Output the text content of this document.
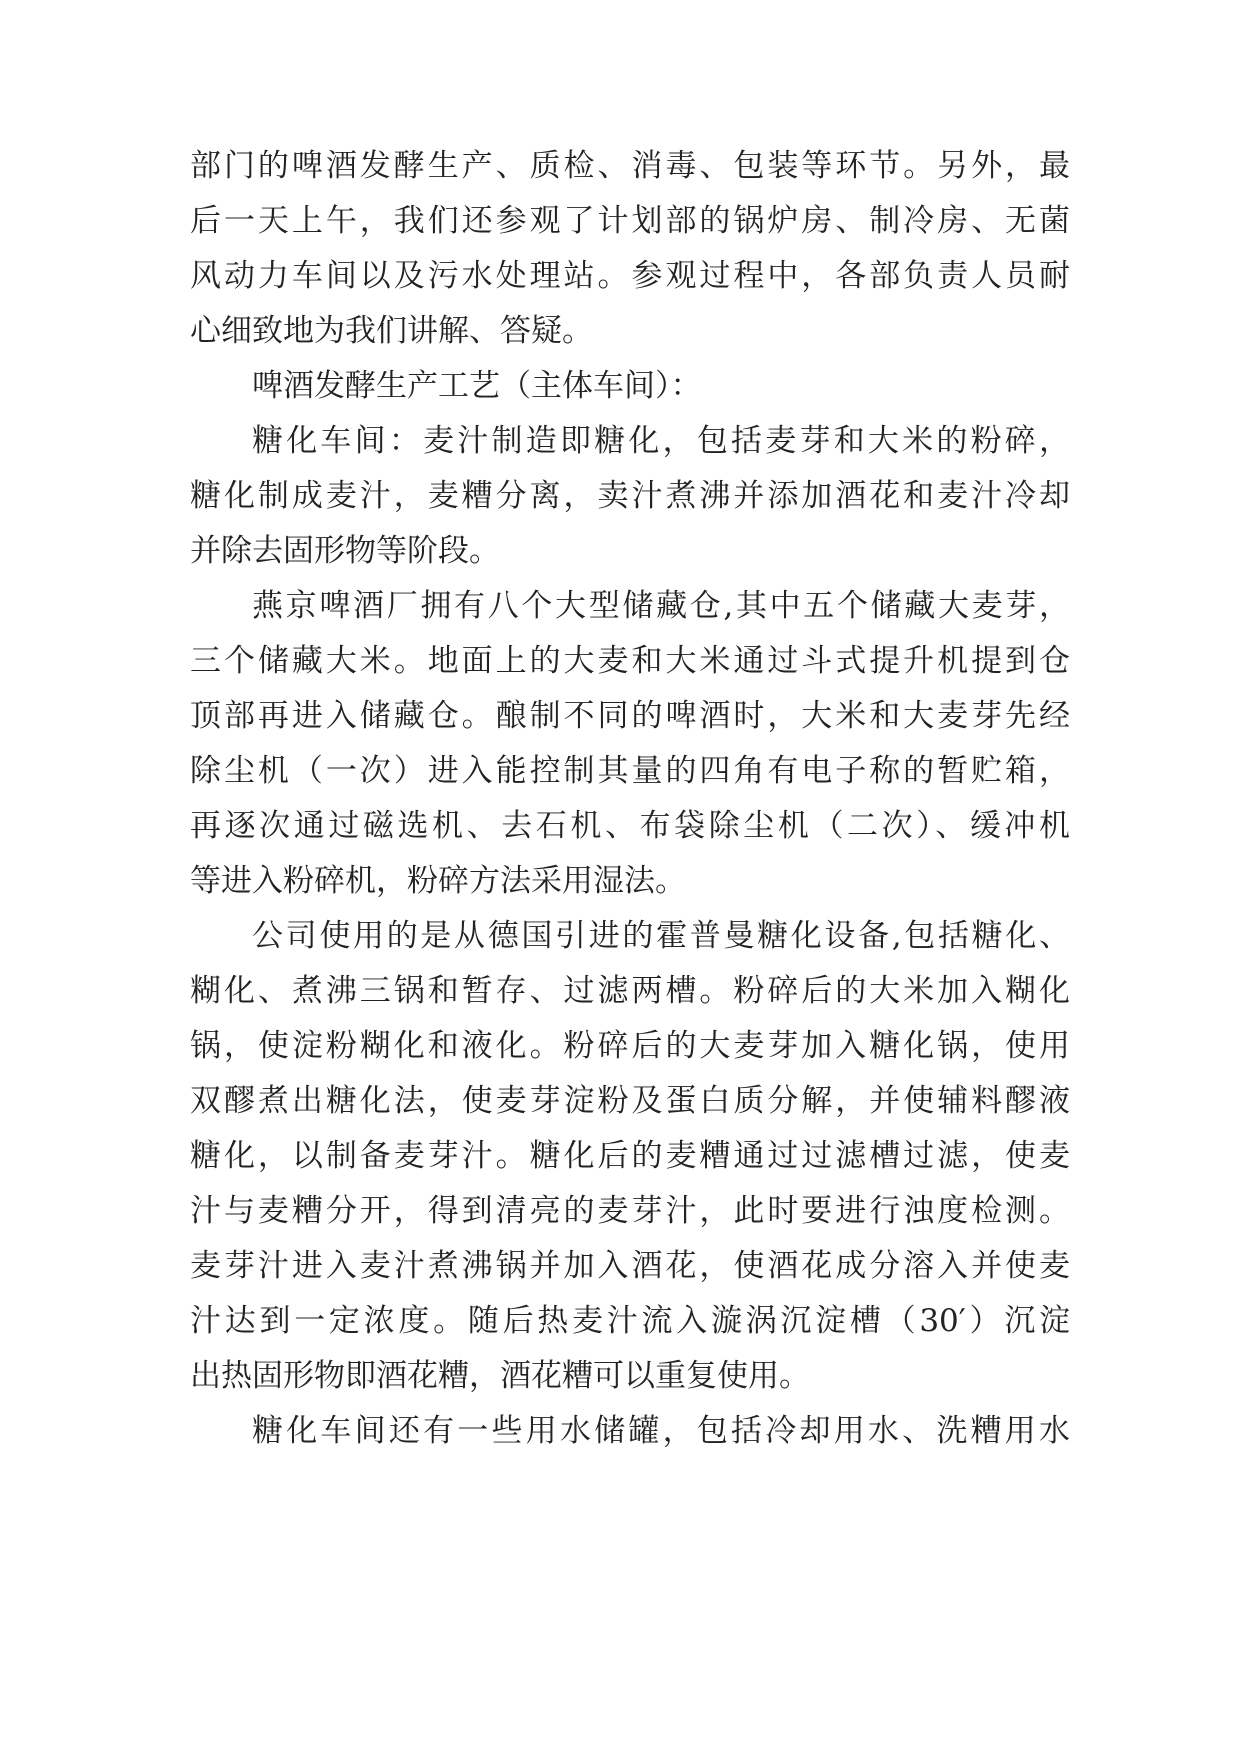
部门的啤酒发酵生产、质检、消毒、包装等环节。另外，最
后一天上午，我们还参观了计划部的锅炉房、制冷房、无菌
风动力车间以及污水处理站。参观过程中，各部负责人员耐
心细致地为我们讲解、答疑。
啤酒发酵生产工艺（主体车间）：
糖化车间：麦汁制造即糖化，包括麦芽和大米的粉碎，
糖化制成麦汁，麦糟分离，卖汁煮沸并添加酒花和麦汁冷却
并除去固形物等阶段。
燕京啤酒厂拥有八个大型储藏仓,其中五个储藏大麦芽，
三个储藏大米。地面上的大麦和大米通过斗式提升机提到仓
顶部再进入储藏仓。酿制不同的啤酒时，大米和大麦芽先经
除尘机（一次）进入能控制其量的四角有电子称的暂贮箱，
再逐次通过磁选机、去石机、布袋除尘机（二次）、缓冲机
等进入粉碎机，粉碎方法采用湿法。
公司使用的是从德国引进的霍普曼糖化设备,包括糖化、
糊化、煮沸三锅和暂存、过滤两槽。粉碎后的大米加入糊化
锅，使淀粉糊化和液化。粉碎后的大麦芽加入糖化锅，使用
双醪煮出糖化法，使麦芽淀粉及蛋白质分解，并使辅料醪液
糖化，以制备麦芽汁。糖化后的麦糟通过过滤槽过滤，使麦
汁与麦糟分开，得到清亮的麦芽汁，此时要进行浊度检测。
麦芽汁进入麦汁煮沸锅并加入酒花，使酒花成分溶入并使麦
汁达到一定浓度。随后热麦汁流入漩涡沉淀槽（30′）沉淀
出热固形物即酒花糟，酒花糟可以重复使用。
糖化车间还有一些用水储罐，包括冷却用水、洗糟用水
